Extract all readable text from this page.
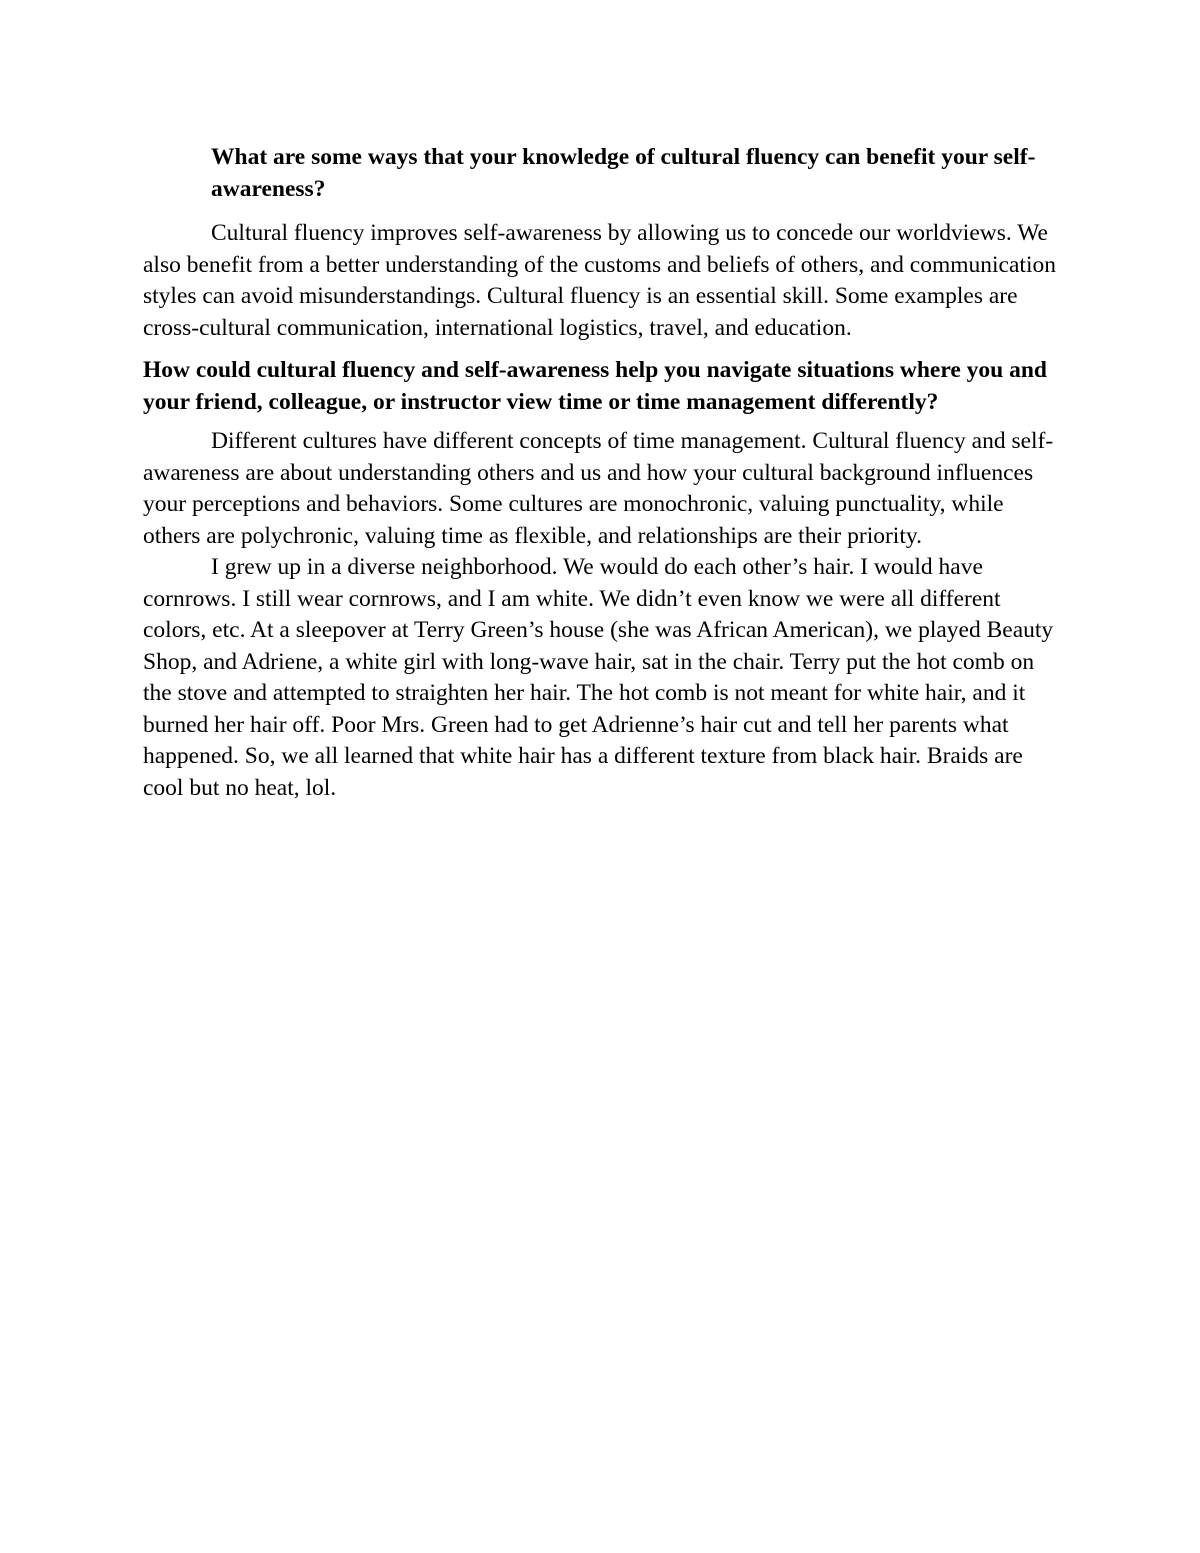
What are some ways that your knowledge of cultural fluency can benefit your self-awareness?

Cultural fluency improves self-awareness by allowing us to concede our worldviews. We also benefit from a better understanding of the customs and beliefs of others, and communication styles can avoid misunderstandings. Cultural fluency is an essential skill. Some examples are cross-cultural communication, international logistics, travel, and education.

How could cultural fluency and self-awareness help you navigate situations where you and your friend, colleague, or instructor view time or time management differently?

Different cultures have different concepts of time management. Cultural fluency and self-awareness are about understanding others and us and how your cultural background influences your perceptions and behaviors. Some cultures are monochronic, valuing punctuality, while others are polychronic, valuing time as flexible, and relationships are their priority.

I grew up in a diverse neighborhood. We would do each other’s hair. I would have cornrows. I still wear cornrows, and I am white. We didn’t even know we were all different colors, etc. At a sleepover at Terry Green’s house (she was African American), we played Beauty Shop, and Adriene, a white girl with long-wave hair, sat in the chair. Terry put the hot comb on the stove and attempted to straighten her hair. The hot comb is not meant for white hair, and it burned her hair off. Poor Mrs. Green had to get Adrienne’s hair cut and tell her parents what happened. So, we all learned that white hair has a different texture from black hair. Braids are cool but no heat, lol.
